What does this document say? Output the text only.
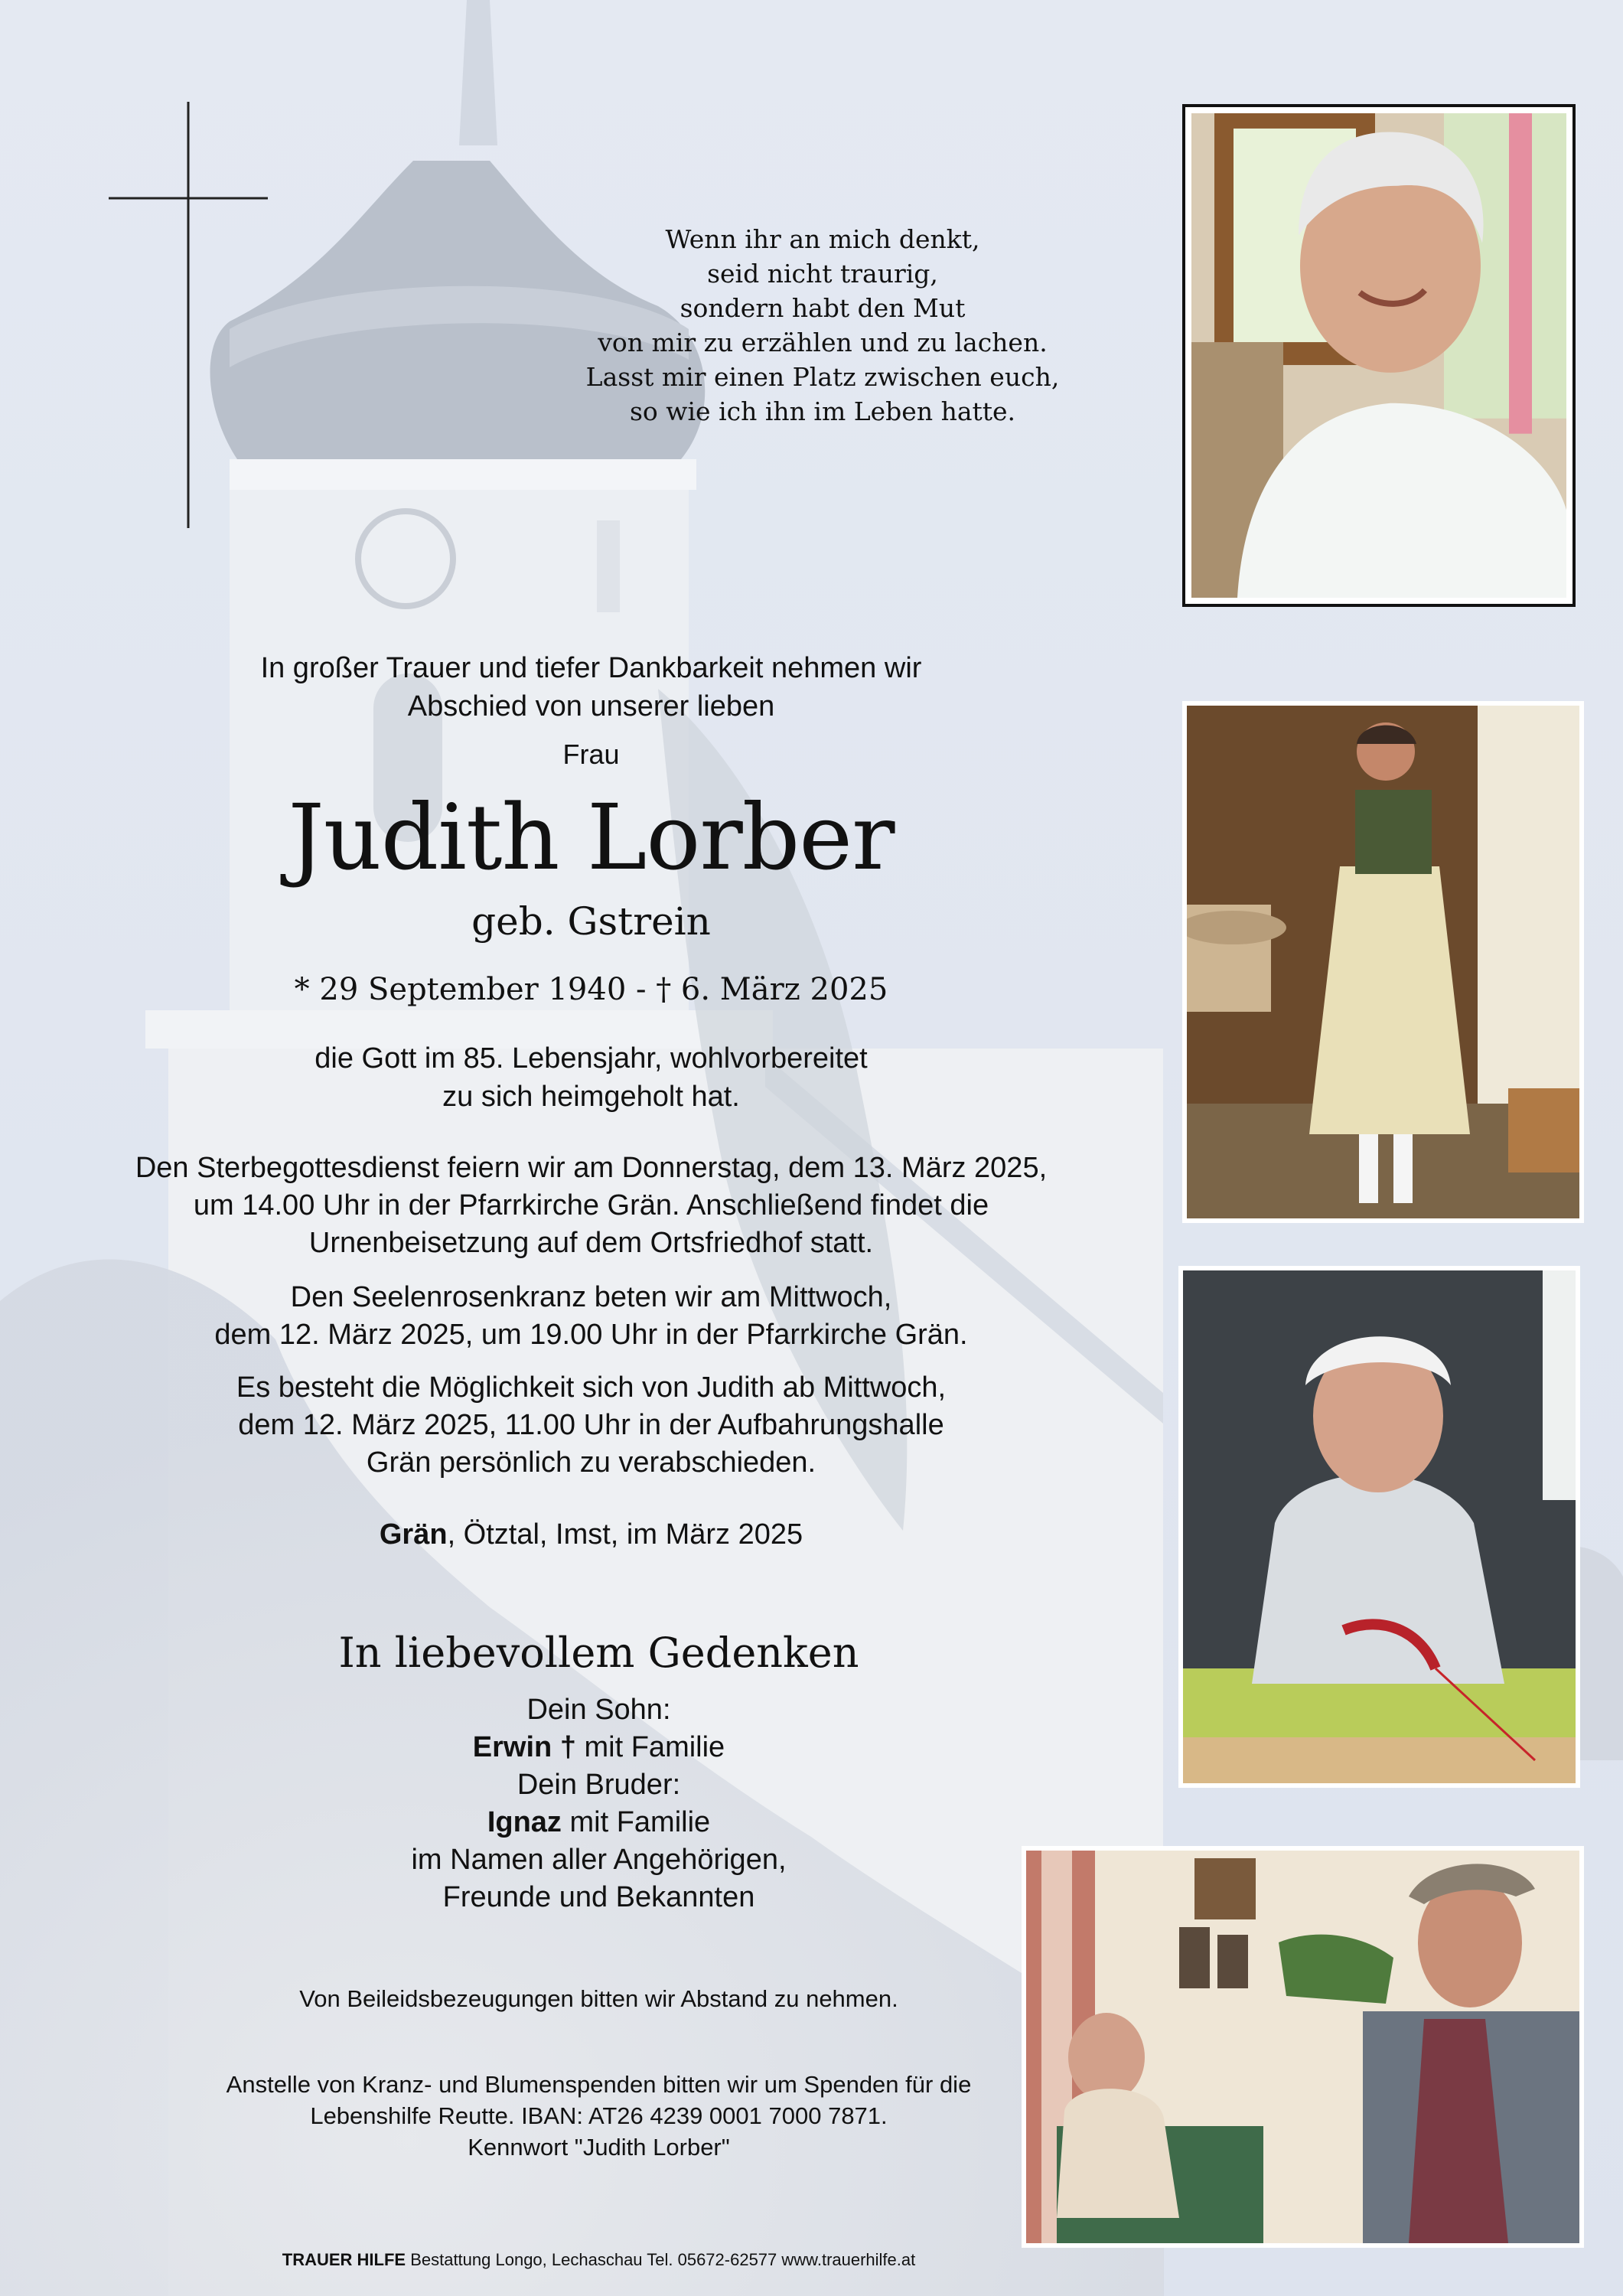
Wenn ihr an mich denkt,
seid nicht traurig,
sondern habt den Mut
von mir zu erzählen und zu lachen.
Lasst mir einen Platz zwischen euch,
so wie ich ihn im Leben hatte.
In großer Trauer und tiefer Dankbarkeit nehmen wir
Abschied von unserer lieben
Frau
Judith Lorber
geb. Gstrein
* 29 September 1940 - † 6. März 2025
die Gott im 85. Lebensjahr, wohlvorbereitet
zu sich heimgeholt hat.
Den Sterbegottesdienst feiern wir am Donnerstag, dem 13. März 2025,
um 14.00 Uhr in der Pfarrkirche Grän. Anschließend findet die
Urnenbeisetzung auf dem Ortsfriedhof statt.
Den Seelenrosenkranz beten wir am Mittwoch,
dem 12. März 2025, um 19.00 Uhr in der Pfarrkirche Grän.
Es besteht die Möglichkeit sich von Judith ab Mittwoch,
dem 12. März 2025, 11.00 Uhr in der Aufbahrungshalle
Grän persönlich zu verabschieden.
Grän, Ötztal, Imst, im März 2025
In liebevollem Gedenken
Dein Sohn:
Erwin † mit Familie
Dein Bruder:
Ignaz mit Familie
im Namen aller Angehörigen,
Freunde und Bekannten
Von Beileidsbezeugungen bitten wir Abstand zu nehmen.
Anstelle von Kranz- und Blumenspenden bitten wir um Spenden für die
Lebenshilfe Reutte. IBAN: AT26 4239 0001 7000 7871.
Kennwort "Judith Lorber"
TRAUER HILFE Bestattung Longo, Lechaschau Tel. 05672-62577 www.trauerhilfe.at
